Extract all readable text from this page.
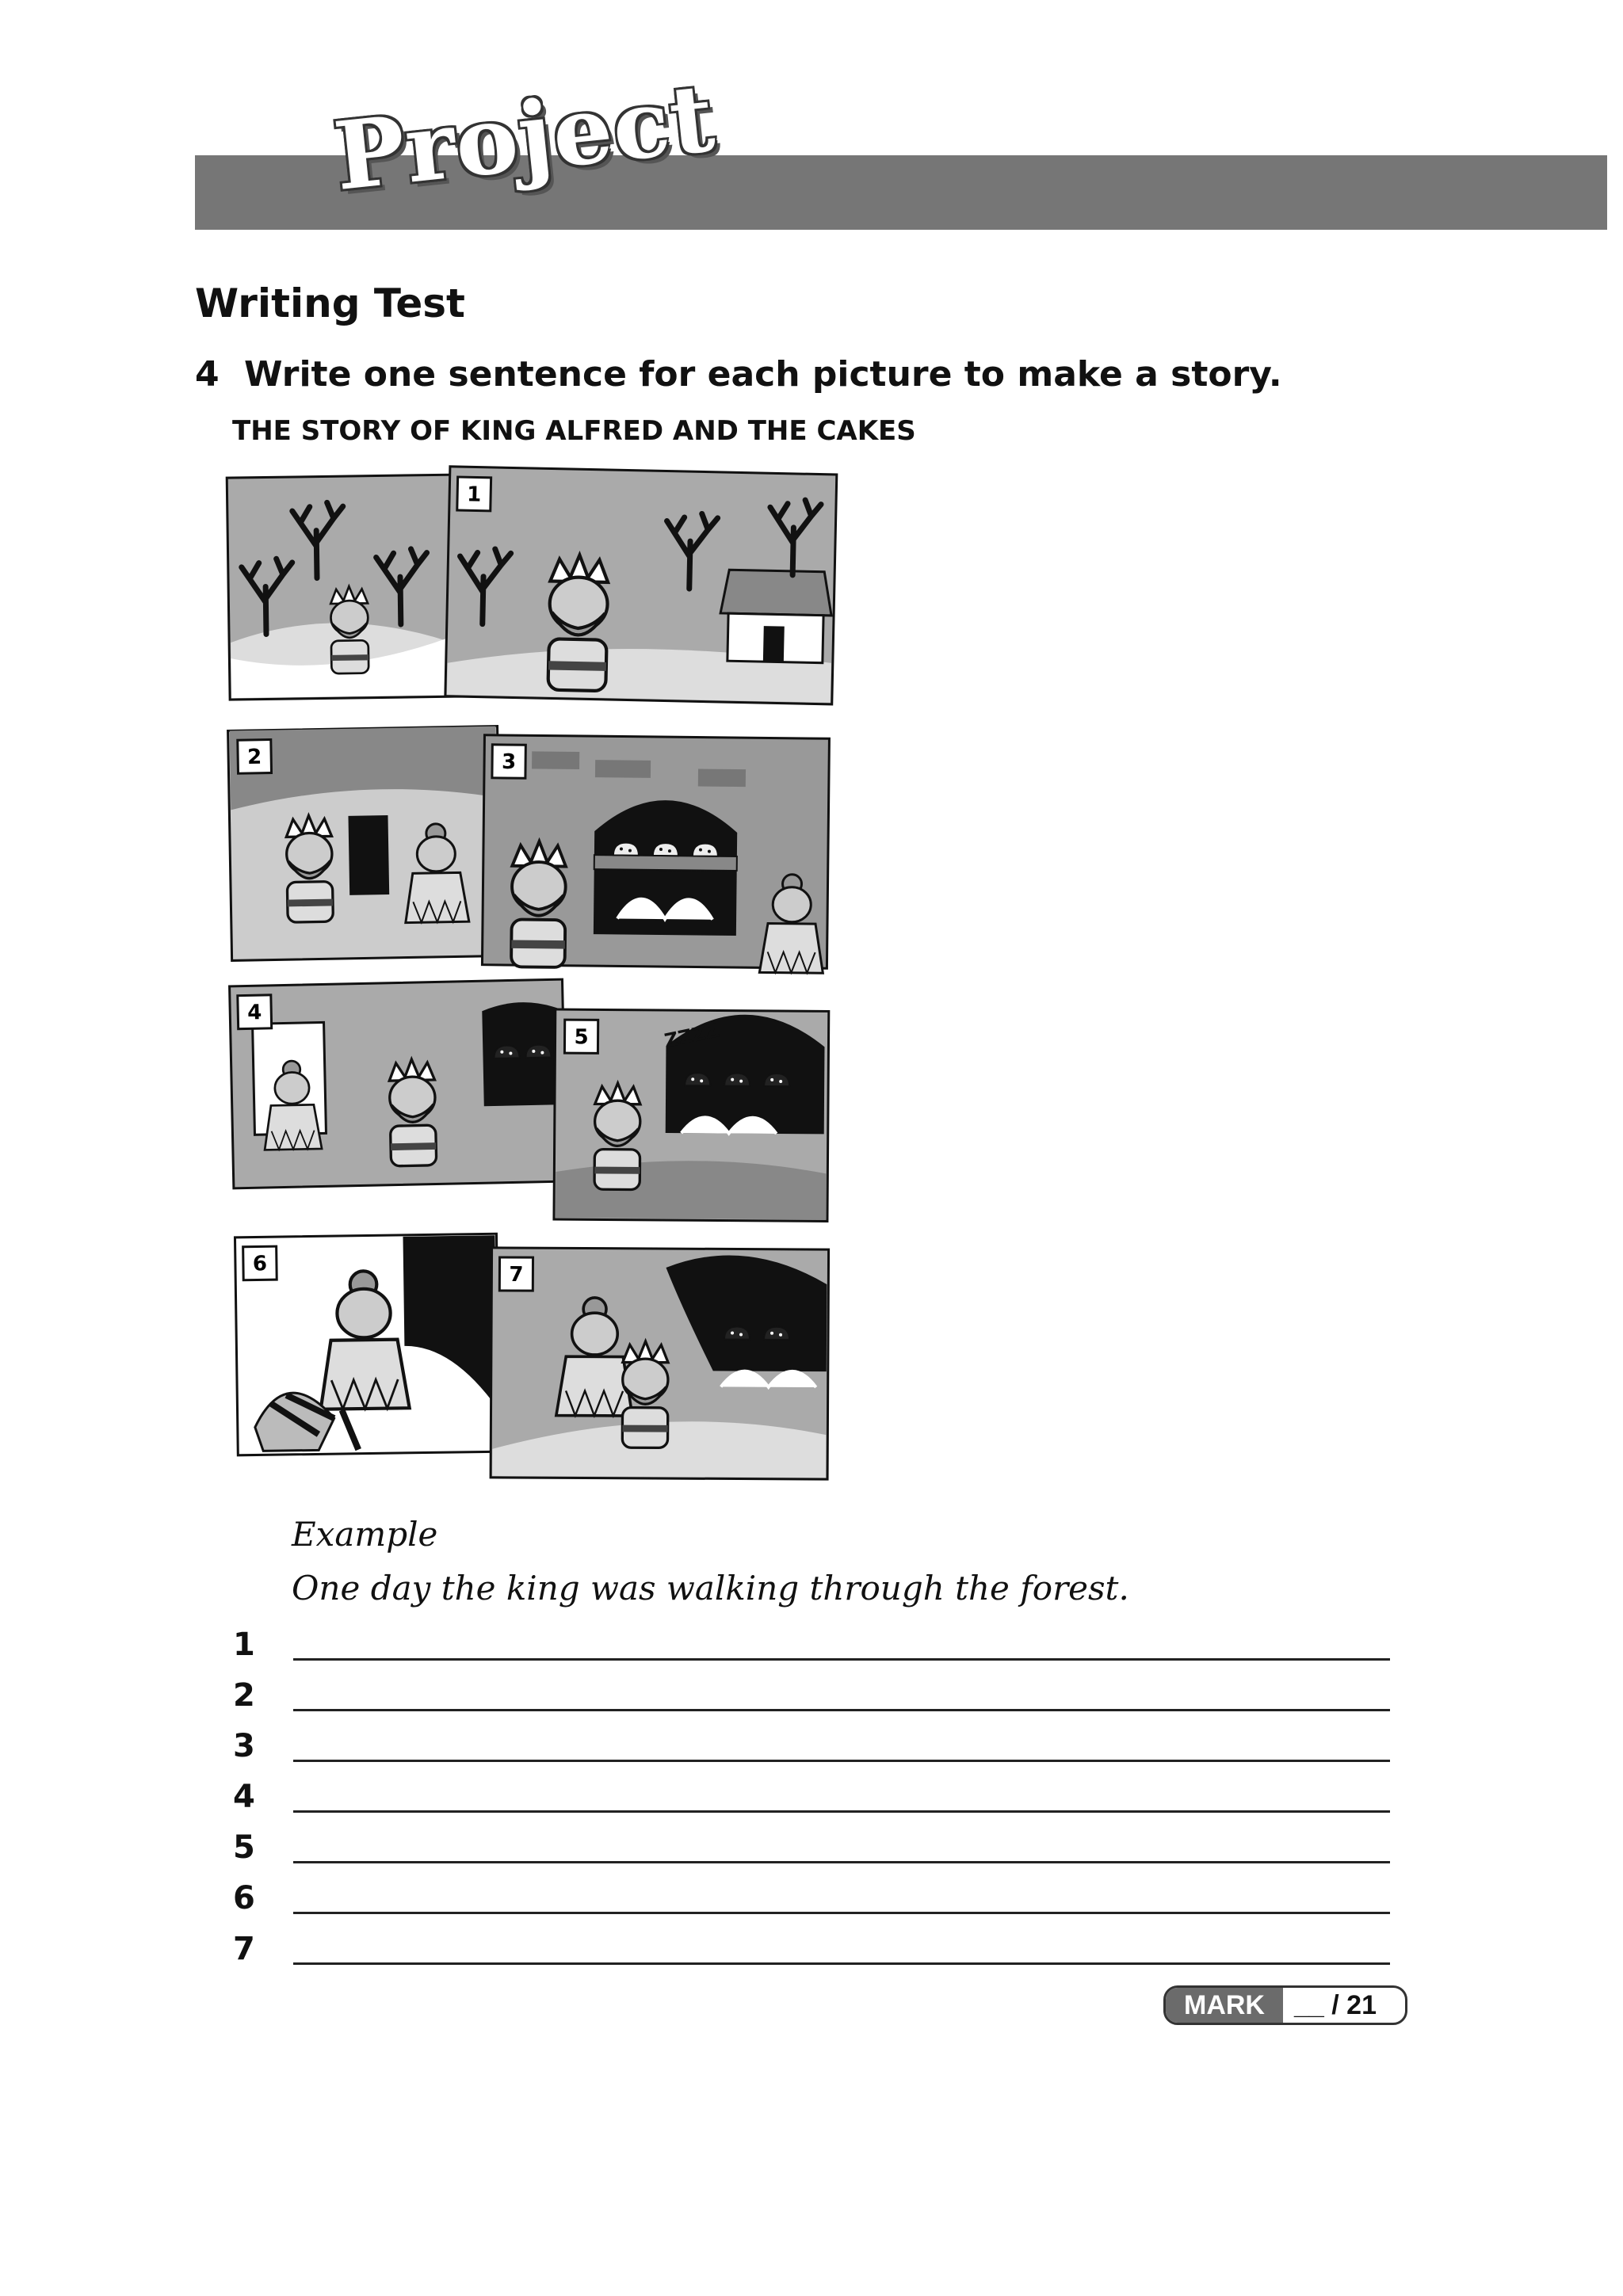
Project
Writing Test
4 Write one sentence for each picture to make a story.
THE STORY OF KING ALFRED AND THE CAKES
1
2	3
4
ZZZZ
5
6	7
Example
One day the king was walking through the forest.
1
2
3
4
5
6
7
MARK	__ / 21
